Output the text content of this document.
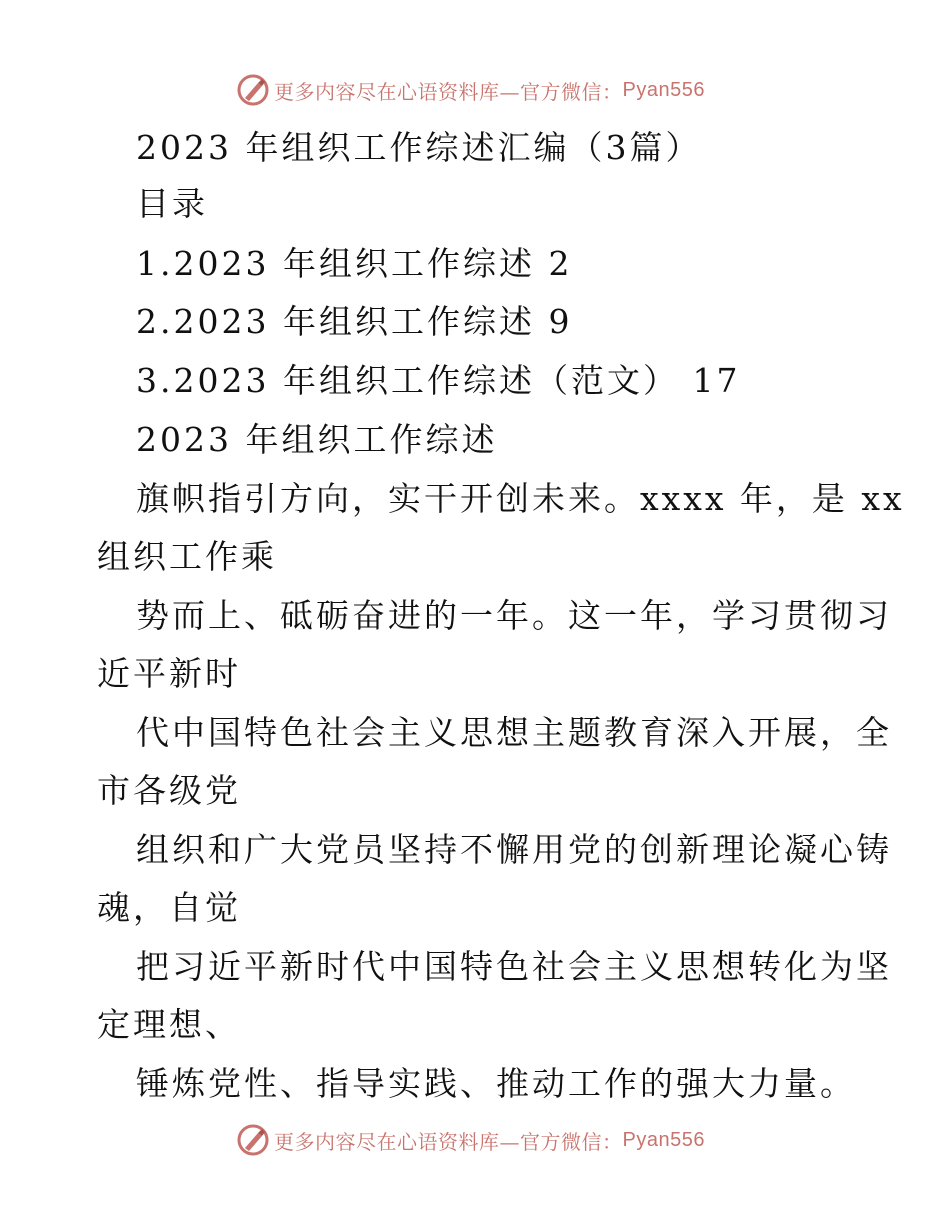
更多内容尽在心语资料库—官方微信： Pyan556
2023 年组织工作综述汇编（3篇）
目录
1.2023 年组织工作综述 2
2.2023 年组织工作综述 9
3.2023 年组织工作综述（范文） 17
2023 年组织工作综述
旗帜指引方向，实干开创未来。xxxx 年，是 xx
组织工作乘
势而上、砥砺奋进的一年。这一年，学习贯彻习
近平新时
代中国特色社会主义思想主题教育深入开展，全
市各级党
组织和广大党员坚持不懈用党的创新理论凝心铸
魂，自觉
把习近平新时代中国特色社会主义思想转化为坚
定理想、
锤炼党性、指导实践、推动工作的强大力量。
更多内容尽在心语资料库—官方微信： Pyan556
